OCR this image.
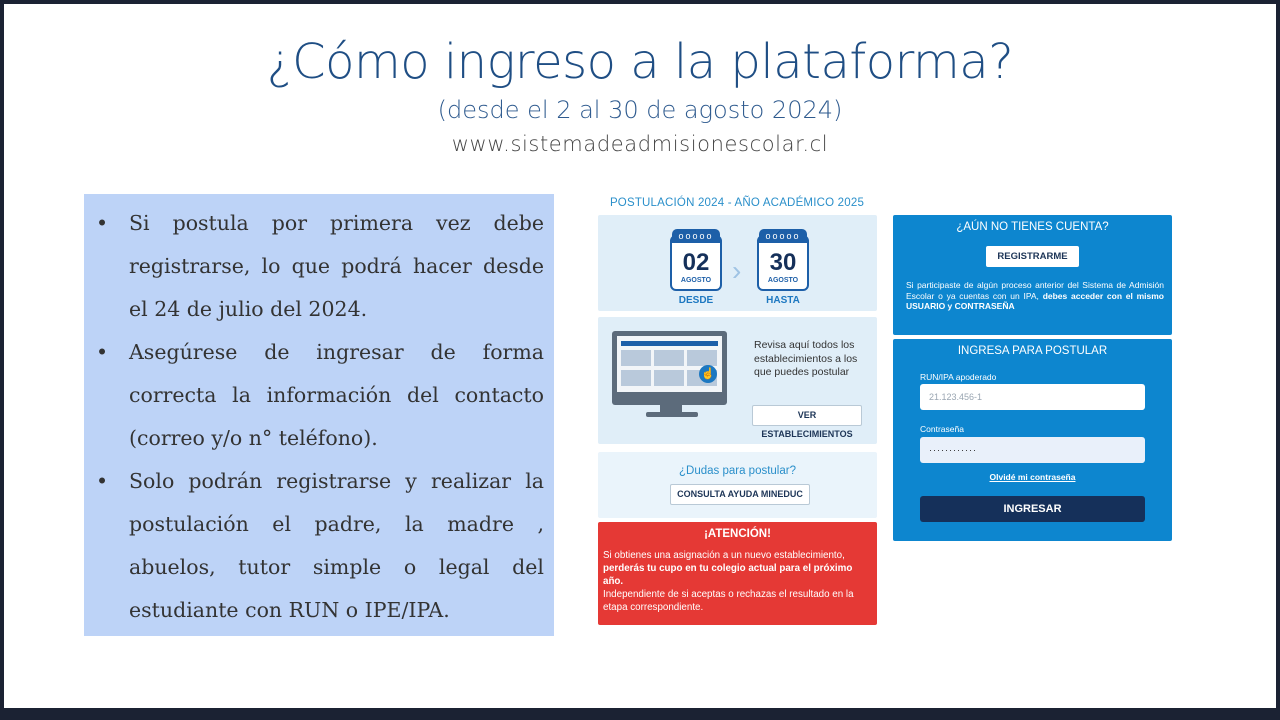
¿Cómo ingreso a la plataforma?
(desde el 2 al 30 de agosto 2024)
www.sistemadeadmisionescolar.cl
• Si postula por primera vez debe registrarse, lo que podrá hacer desde el 24 de julio del 2024.
• Asegúrese de ingresar de forma correcta la información del contacto (correo y/o n° teléfono).
• Solo podrán registrarse y realizar la postulación el padre, la madre , abuelos, tutor simple o legal del estudiante con RUN o IPE/IPA.
POSTULACIÓN 2024 - AÑO ACADÉMICO 2025
ooooo
02
AGOSTO
DESDE
›
ooooo
30
AGOSTO
HASTA
☝
Revisa aquí todos los establecimientos a los que puedes postular
VER ESTABLECIMIENTOS
¿Dudas para postular?
CONSULTA AYUDA MINEDUC
¡ATENCIÓN!
Si obtienes una asignación a un nuevo establecimiento, perderás tu cupo en tu colegio actual para el próximo año.
Independiente de si aceptas o rechazas el resultado en la etapa correspondiente.
¿AÚN NO TIENES CUENTA?
REGISTRARME
Si participaste de algún proceso anterior del Sistema de Admisión Escolar o ya cuentas con un IPA, debes acceder con el mismo USUARIO y CONTRASEÑA
INGRESA PARA POSTULAR
RUN/IPA apoderado
21.123.456-1
Contraseña
············
Olvidé mi contraseña
INGRESAR
